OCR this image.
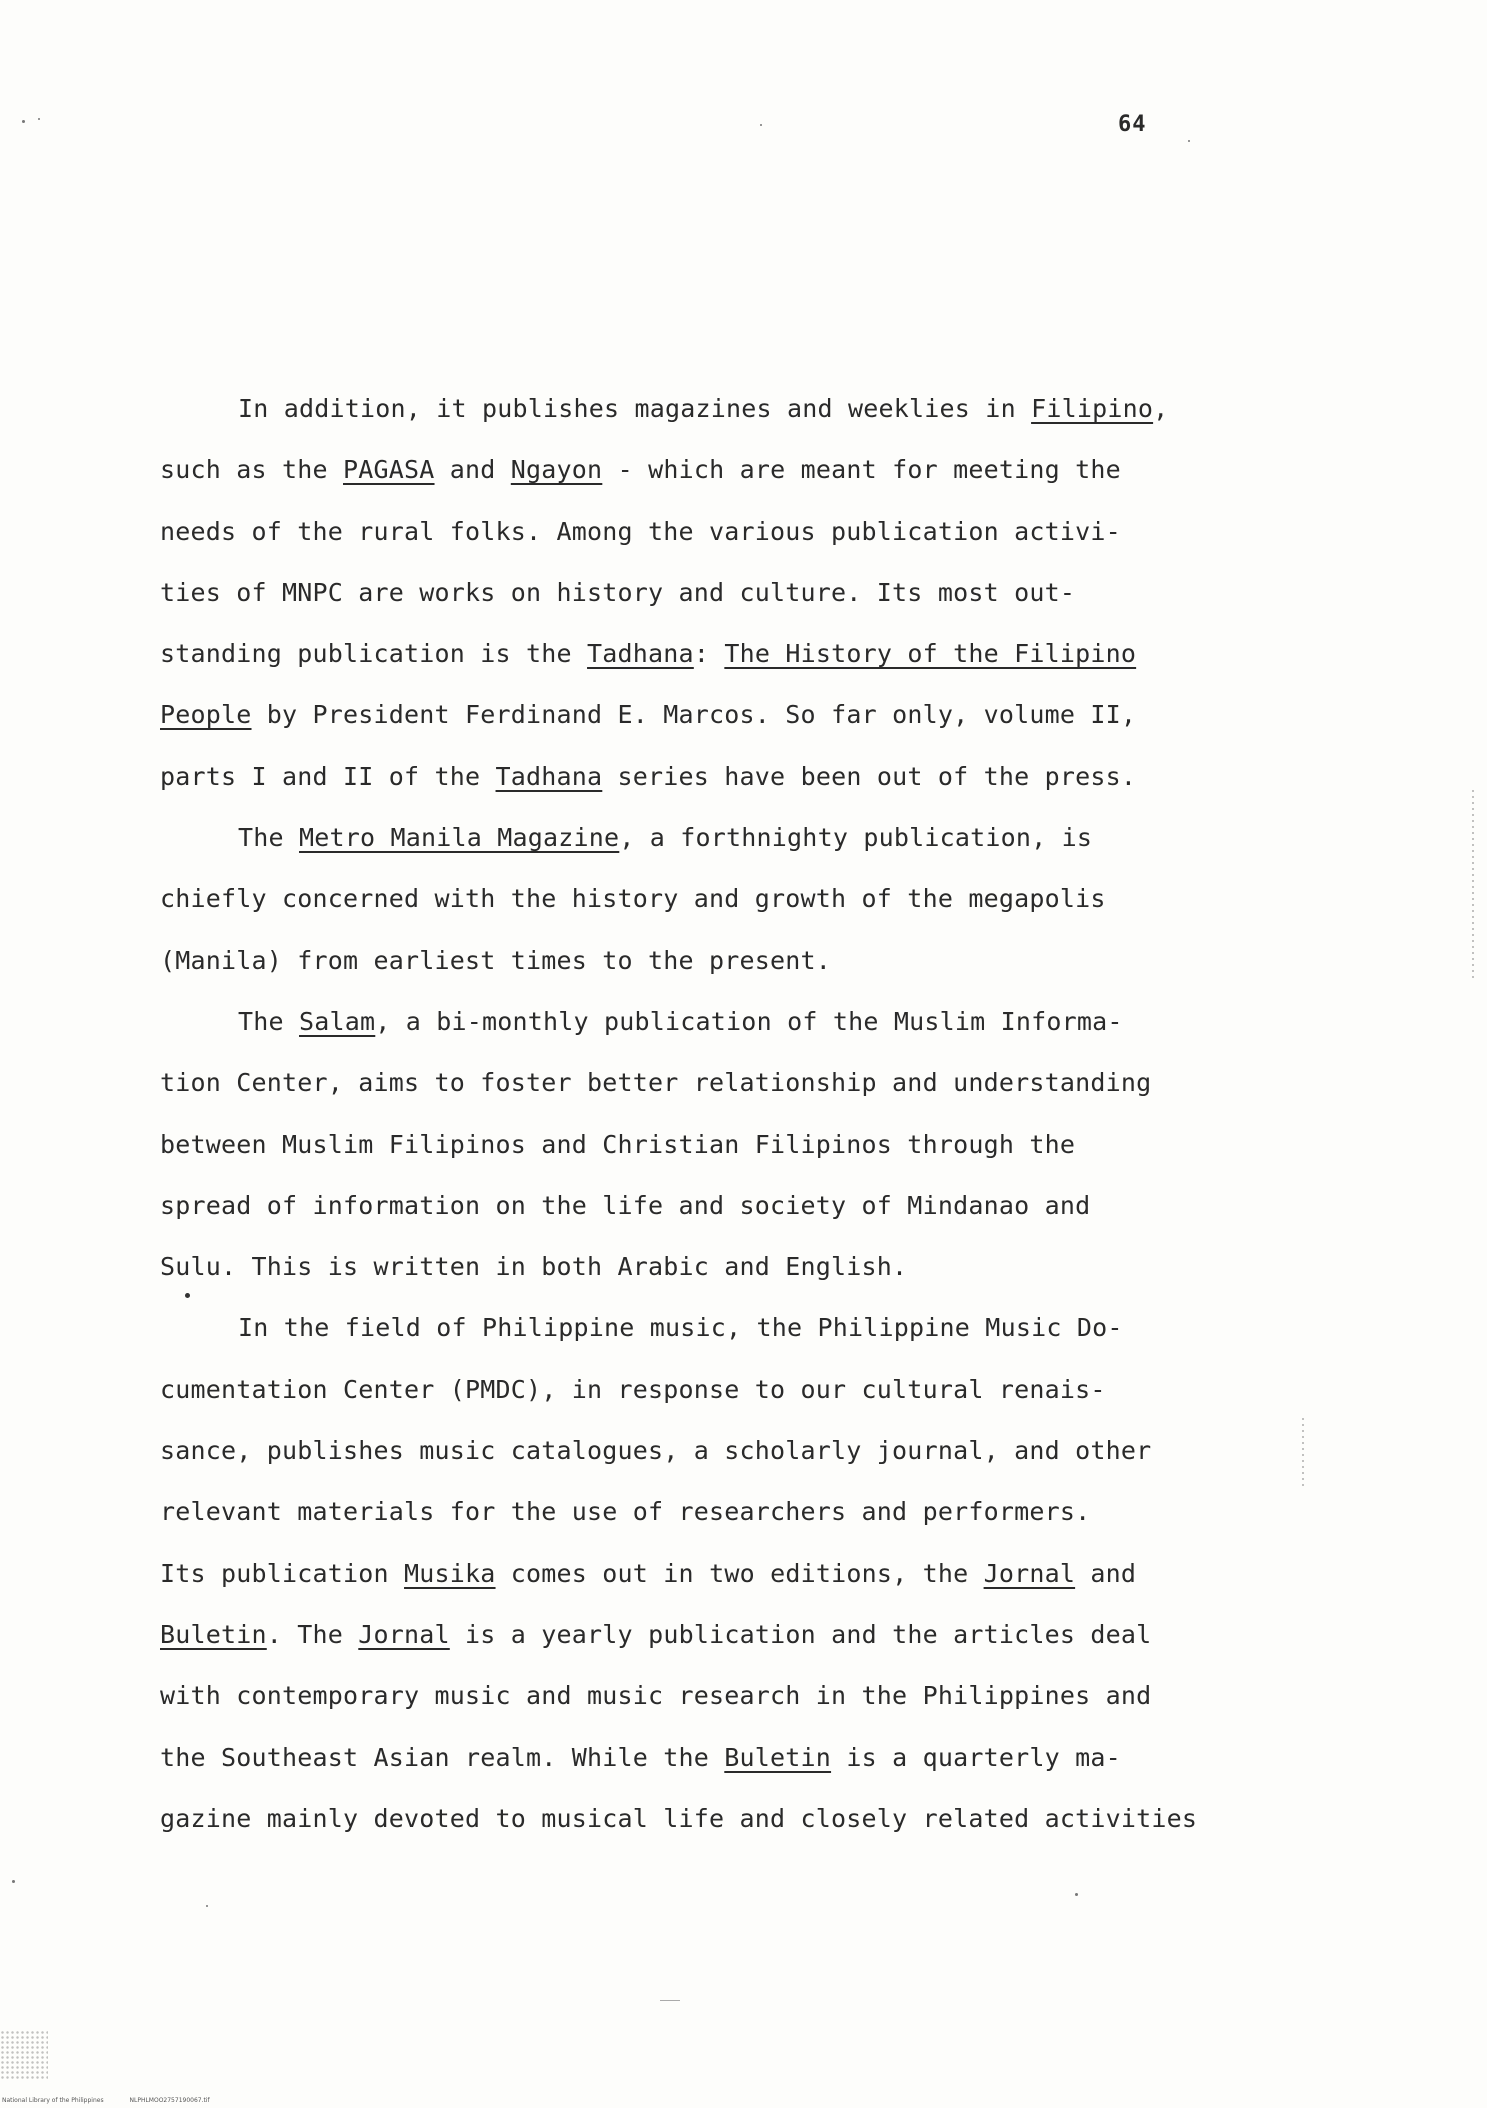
64
In addition, it publishes magazines and weeklies in Filipino,
such as the PAGASA and Ngayon - which are meant for meeting the
needs of the rural folks. Among the various publication activi-
ties of MNPC are works on history and culture. Its most out-
standing publication is the Tadhana: The History of the Filipino
People by President Ferdinand E. Marcos. So far only, volume II,
parts I and II of the Tadhana series have been out of the press.
The Metro Manila Magazine, a forthnighty publication, is
chiefly concerned with the history and growth of the megapolis
(Manila) from earliest times to the present.
The Salam, a bi-monthly publication of the Muslim Informa-
tion Center, aims to foster better relationship and understanding
between Muslim Filipinos and Christian Filipinos through the
spread of information on the life and society of Mindanao and
Sulu. This is written in both Arabic and English.
In the field of Philippine music, the Philippine Music Do-
cumentation Center (PMDC), in response to our cultural renais-
sance, publishes music catalogues, a scholarly journal, and other
relevant materials for the use of researchers and performers.
Its publication Musika comes out in two editions, the Jornal and
Buletin. The Jornal is a yearly publication and the articles deal
with contemporary music and music research in the Philippines and
the Southeast Asian realm. While the Buletin is a quarterly ma-
gazine mainly devoted to musical life and closely related activities
National Library of the Philippines	NLPHLMOO2757190067.tif
